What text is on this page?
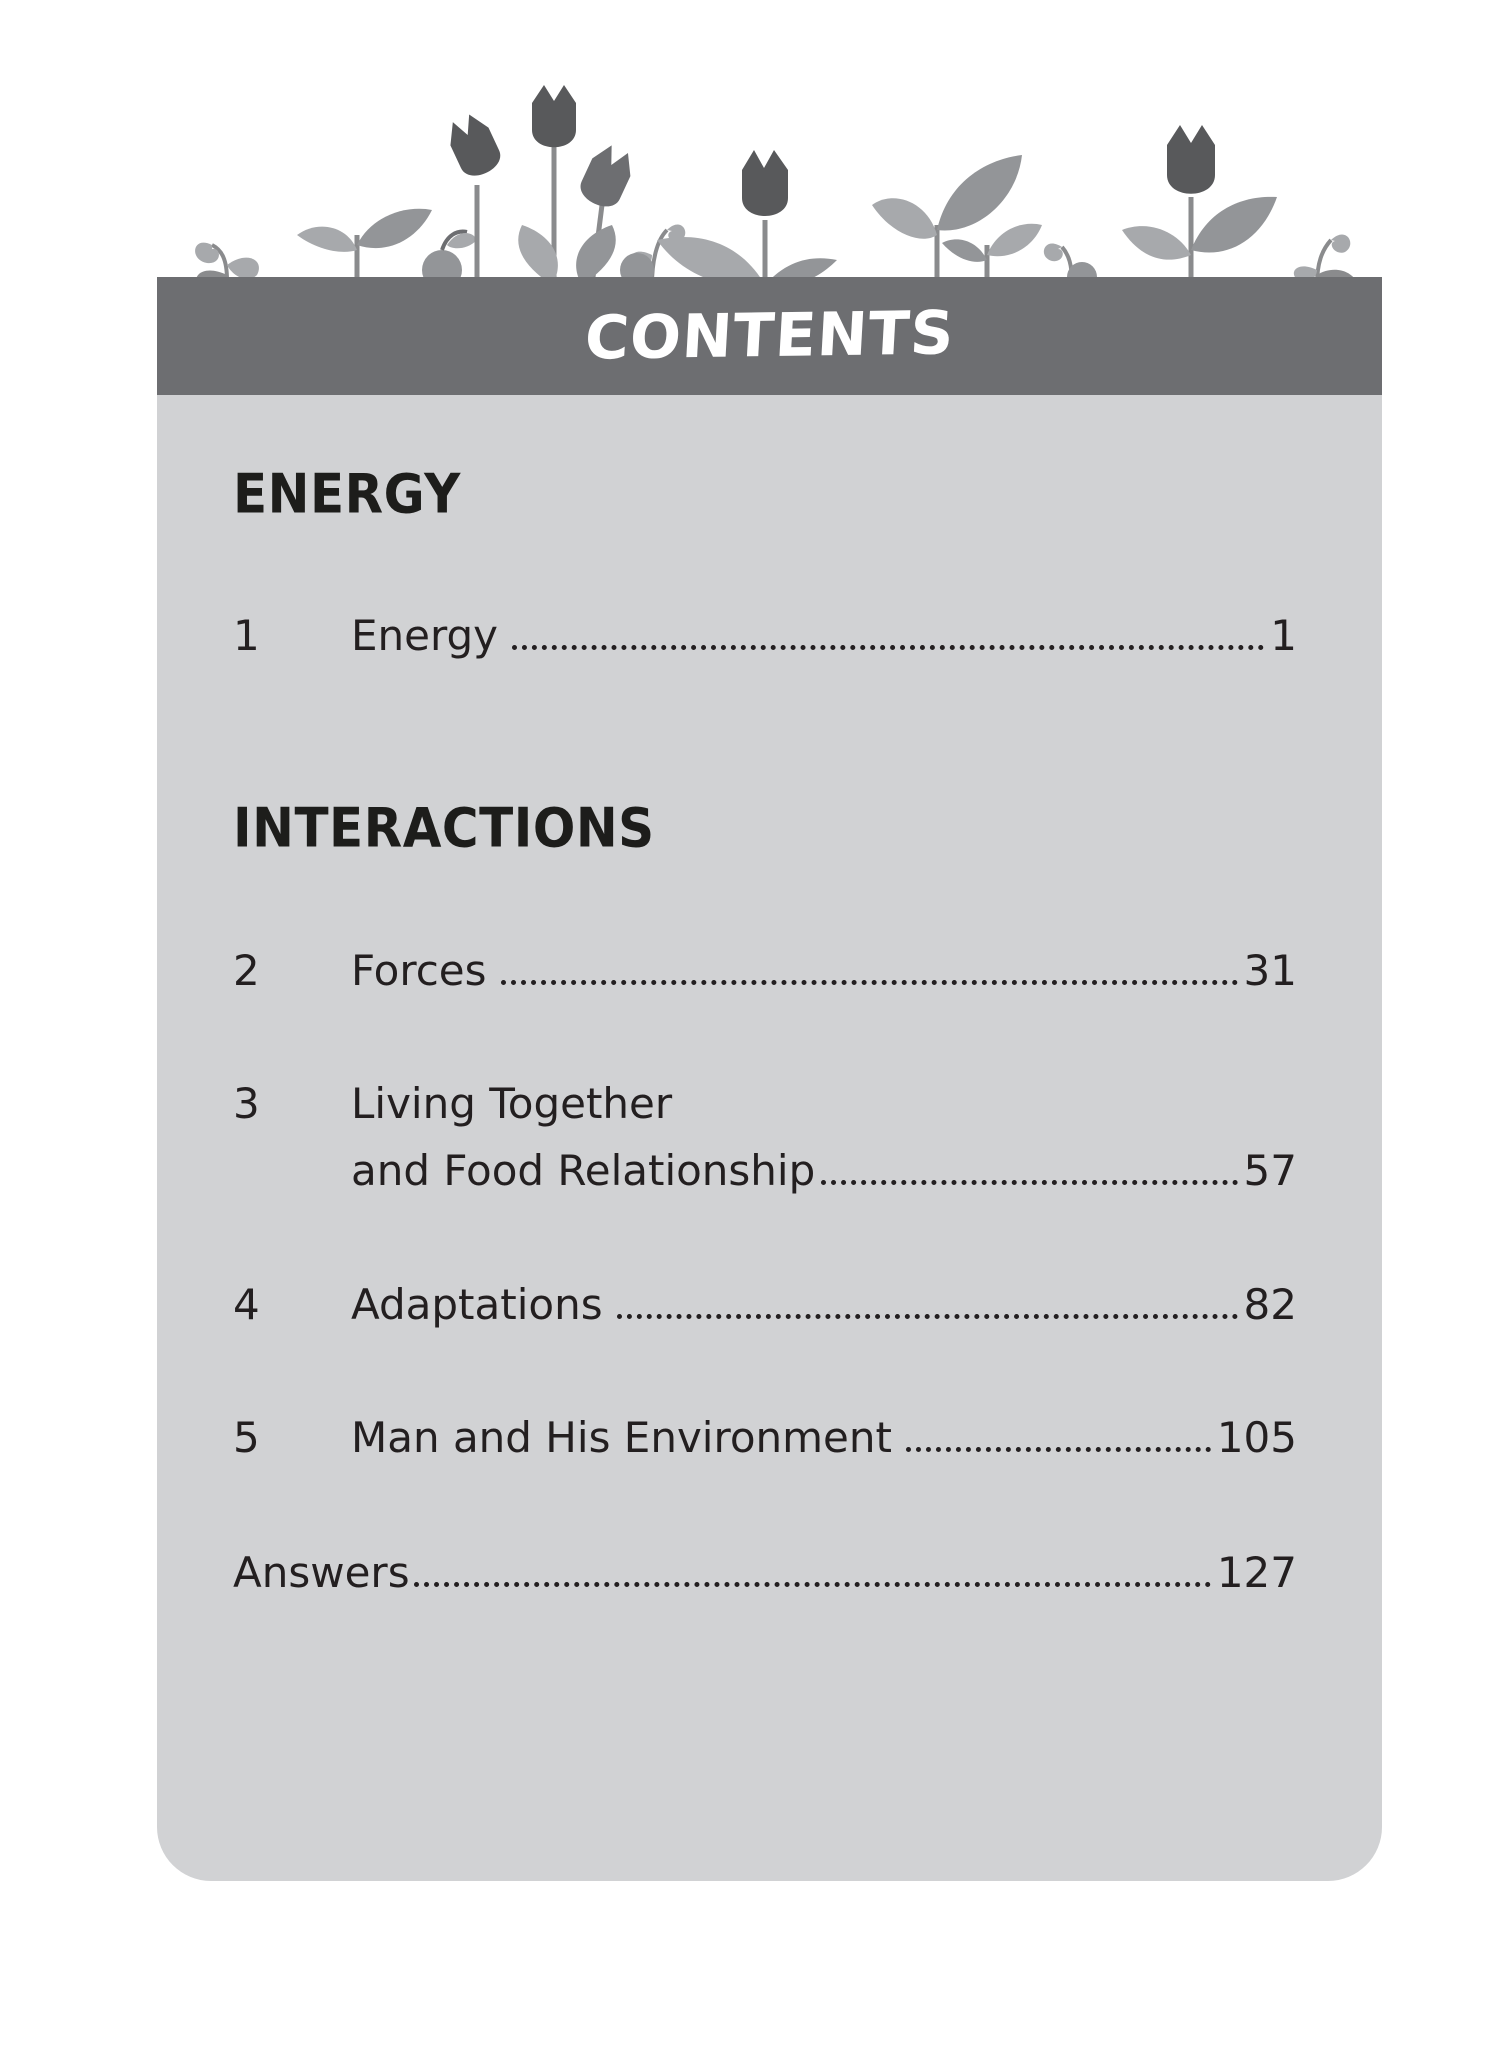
CONTENTS
ENERGY
1	Energy	1
INTERACTIONS
2	Forces	31
3	Living Together
and Food Relationship	57
4	Adaptations	82
5	Man and His Environment	105
Answers	127
